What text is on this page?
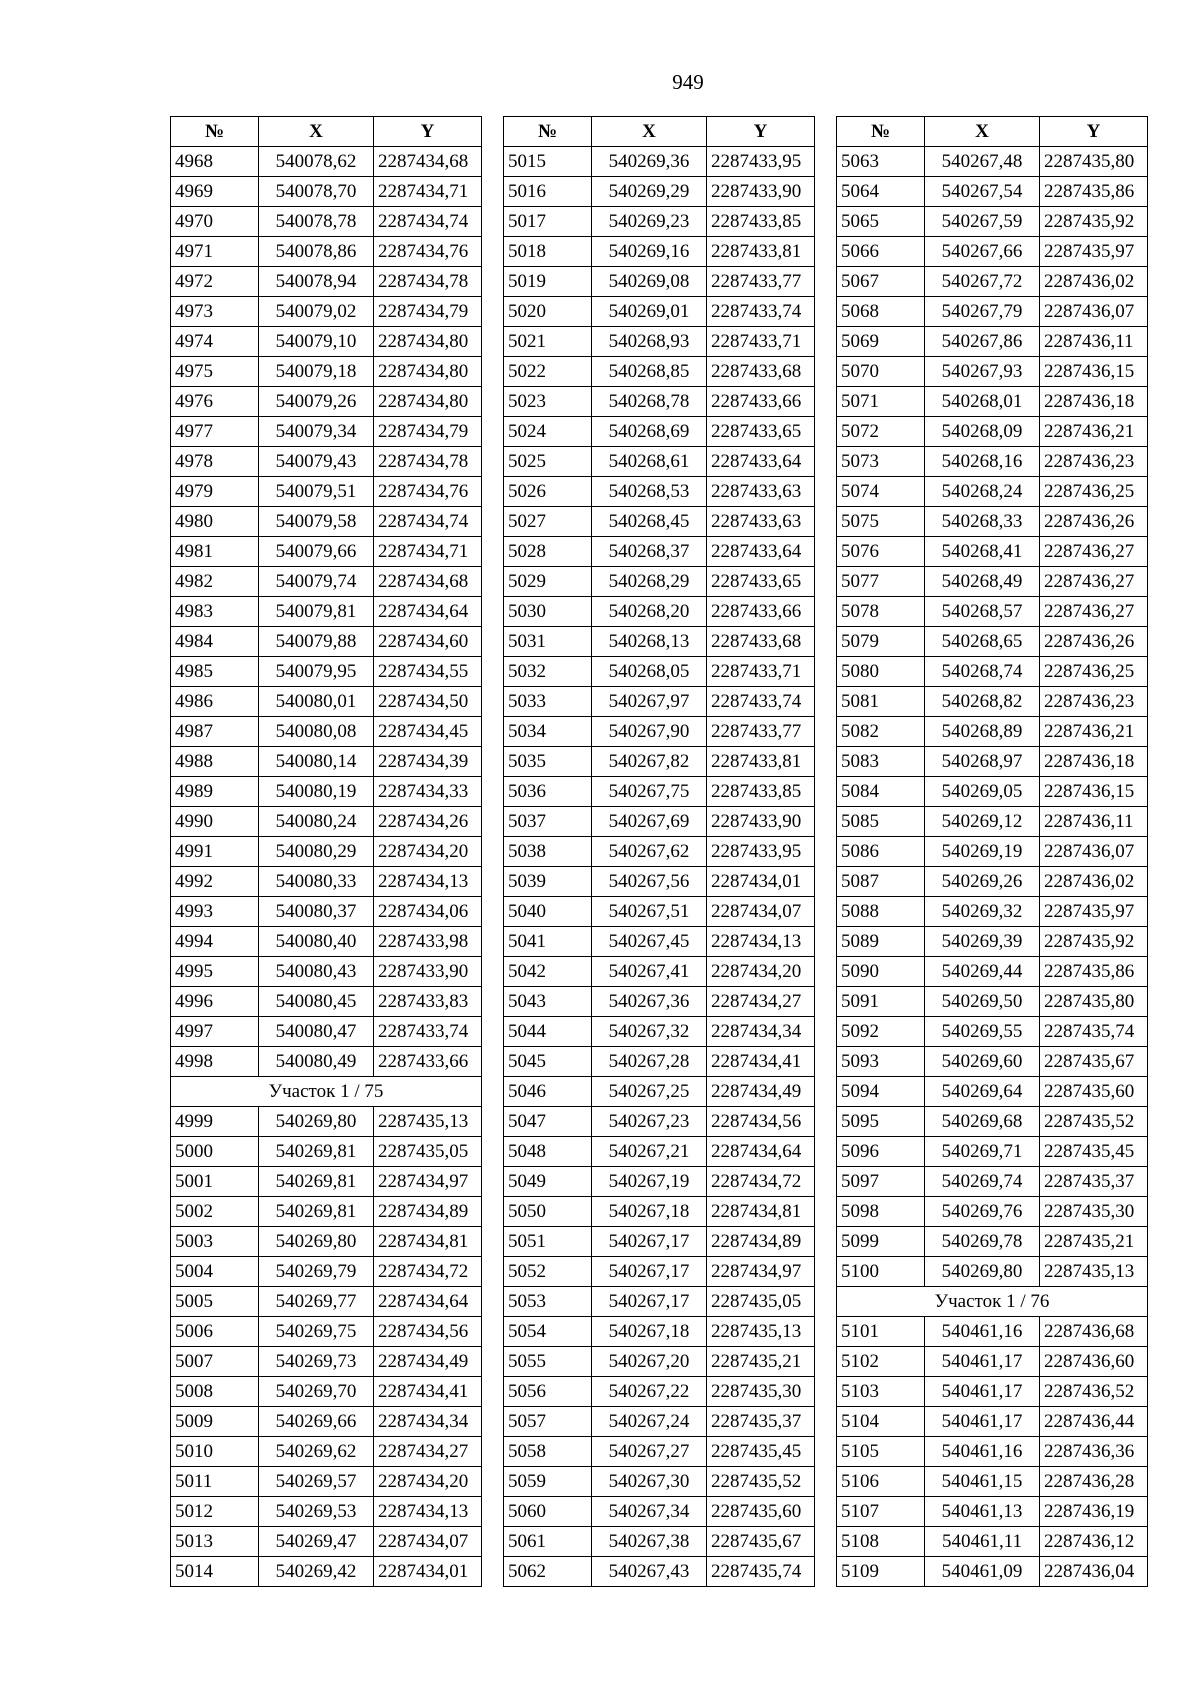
949
№	X	Y
4968	540078,62	2287434,68
4969	540078,70	2287434,71
4970	540078,78	2287434,74
4971	540078,86	2287434,76
4972	540078,94	2287434,78
4973	540079,02	2287434,79
4974	540079,10	2287434,80
4975	540079,18	2287434,80
4976	540079,26	2287434,80
4977	540079,34	2287434,79
4978	540079,43	2287434,78
4979	540079,51	2287434,76
4980	540079,58	2287434,74
4981	540079,66	2287434,71
4982	540079,74	2287434,68
4983	540079,81	2287434,64
4984	540079,88	2287434,60
4985	540079,95	2287434,55
4986	540080,01	2287434,50
4987	540080,08	2287434,45
4988	540080,14	2287434,39
4989	540080,19	2287434,33
4990	540080,24	2287434,26
4991	540080,29	2287434,20
4992	540080,33	2287434,13
4993	540080,37	2287434,06
4994	540080,40	2287433,98
4995	540080,43	2287433,90
4996	540080,45	2287433,83
4997	540080,47	2287433,74
4998	540080,49	2287433,66
Участок 1 / 75		
4999	540269,80	2287435,13
5000	540269,81	2287435,05
5001	540269,81	2287434,97
5002	540269,81	2287434,89
5003	540269,80	2287434,81
5004	540269,79	2287434,72
5005	540269,77	2287434,64
5006	540269,75	2287434,56
5007	540269,73	2287434,49
5008	540269,70	2287434,41
5009	540269,66	2287434,34
5010	540269,62	2287434,27
5011	540269,57	2287434,20
5012	540269,53	2287434,13
5013	540269,47	2287434,07
5014	540269,42	2287434,01
№	X	Y
5015	540269,36	2287433,95
5016	540269,29	2287433,90
5017	540269,23	2287433,85
5018	540269,16	2287433,81
5019	540269,08	2287433,77
5020	540269,01	2287433,74
5021	540268,93	2287433,71
5022	540268,85	2287433,68
5023	540268,78	2287433,66
5024	540268,69	2287433,65
5025	540268,61	2287433,64
5026	540268,53	2287433,63
5027	540268,45	2287433,63
5028	540268,37	2287433,64
5029	540268,29	2287433,65
5030	540268,20	2287433,66
5031	540268,13	2287433,68
5032	540268,05	2287433,71
5033	540267,97	2287433,74
5034	540267,90	2287433,77
5035	540267,82	2287433,81
5036	540267,75	2287433,85
5037	540267,69	2287433,90
5038	540267,62	2287433,95
5039	540267,56	2287434,01
5040	540267,51	2287434,07
5041	540267,45	2287434,13
5042	540267,41	2287434,20
5043	540267,36	2287434,27
5044	540267,32	2287434,34
5045	540267,28	2287434,41
5046	540267,25	2287434,49
5047	540267,23	2287434,56
5048	540267,21	2287434,64
5049	540267,19	2287434,72
5050	540267,18	2287434,81
5051	540267,17	2287434,89
5052	540267,17	2287434,97
5053	540267,17	2287435,05
5054	540267,18	2287435,13
5055	540267,20	2287435,21
5056	540267,22	2287435,30
5057	540267,24	2287435,37
5058	540267,27	2287435,45
5059	540267,30	2287435,52
5060	540267,34	2287435,60
5061	540267,38	2287435,67
5062	540267,43	2287435,74
№	X	Y
5063	540267,48	2287435,80
5064	540267,54	2287435,86
5065	540267,59	2287435,92
5066	540267,66	2287435,97
5067	540267,72	2287436,02
5068	540267,79	2287436,07
5069	540267,86	2287436,11
5070	540267,93	2287436,15
5071	540268,01	2287436,18
5072	540268,09	2287436,21
5073	540268,16	2287436,23
5074	540268,24	2287436,25
5075	540268,33	2287436,26
5076	540268,41	2287436,27
5077	540268,49	2287436,27
5078	540268,57	2287436,27
5079	540268,65	2287436,26
5080	540268,74	2287436,25
5081	540268,82	2287436,23
5082	540268,89	2287436,21
5083	540268,97	2287436,18
5084	540269,05	2287436,15
5085	540269,12	2287436,11
5086	540269,19	2287436,07
5087	540269,26	2287436,02
5088	540269,32	2287435,97
5089	540269,39	2287435,92
5090	540269,44	2287435,86
5091	540269,50	2287435,80
5092	540269,55	2287435,74
5093	540269,60	2287435,67
5094	540269,64	2287435,60
5095	540269,68	2287435,52
5096	540269,71	2287435,45
5097	540269,74	2287435,37
5098	540269,76	2287435,30
5099	540269,78	2287435,21
5100	540269,80	2287435,13
Участок 1 / 76		
5101	540461,16	2287436,68
5102	540461,17	2287436,60
5103	540461,17	2287436,52
5104	540461,17	2287436,44
5105	540461,16	2287436,36
5106	540461,15	2287436,28
5107	540461,13	2287436,19
5108	540461,11	2287436,12
5109	540461,09	2287436,04
